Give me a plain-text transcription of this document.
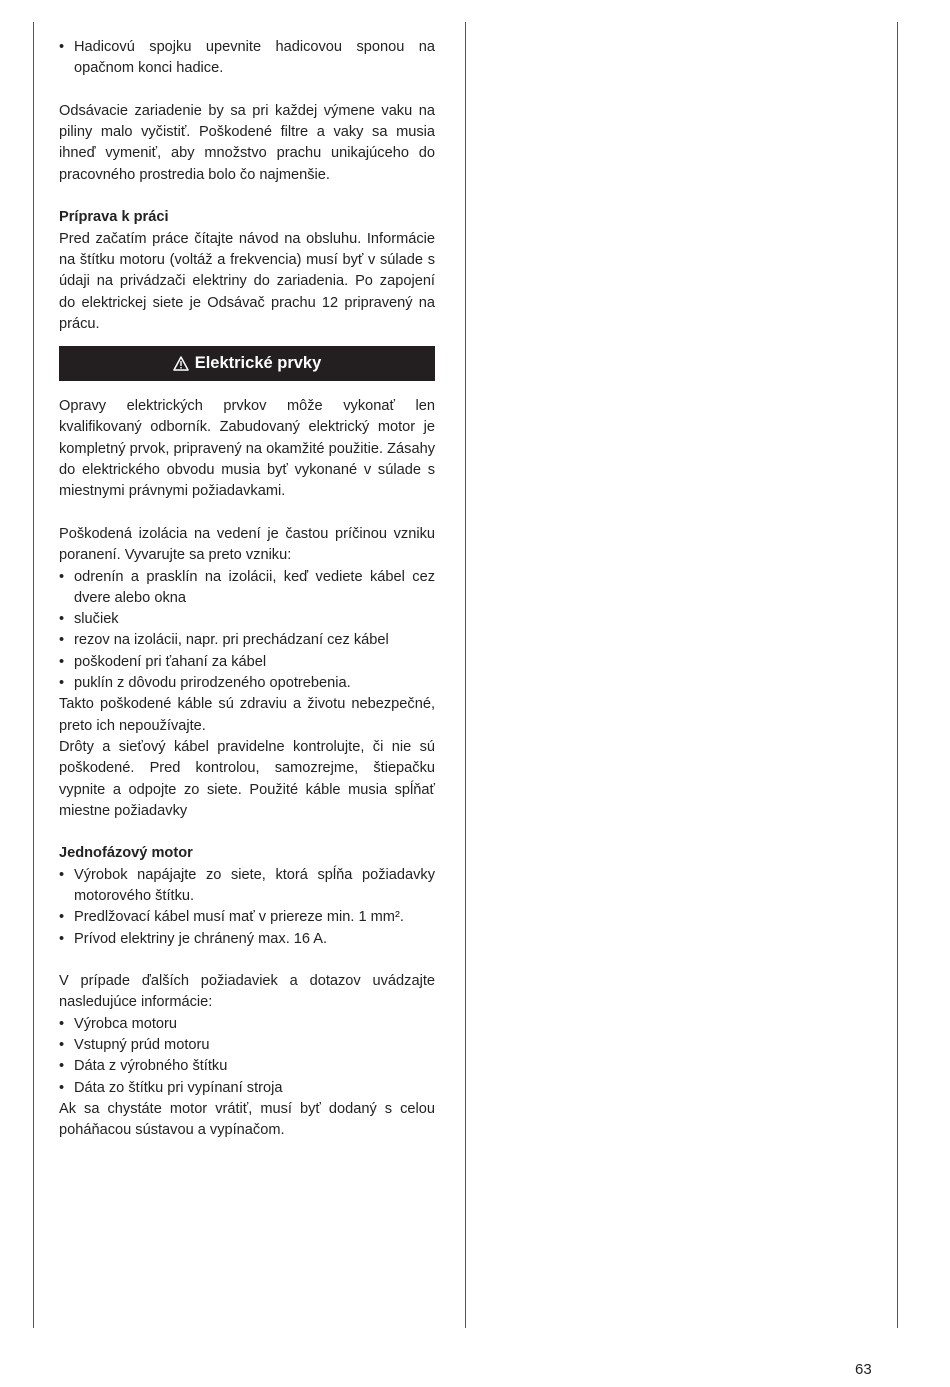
• Hadicovú spojku upevnite hadicovou sponou na opačnom konci hadice.

Odsávacie zariadenie by sa pri každej výmene vaku na piliny malo vyčistiť. Poškodené filtre a vaky sa musia ihneď vymeniť, aby množstvo prachu unikajúceho do pracovného prostredia bolo čo najmenšie.

Príprava k práci

Pred začatím práce čítajte návod na obsluhu. Informácie na štítku motoru (voltáž a frekvencia) musí byť v súlade s údaji na privádzači elektriny do zariadenia. Po zapojení do elektrickej siete je Odsávač prachu 12 pripravený na prácu.

Elektrické prvky

Opravy elektrických prvkov môže vykonať len kvalifikovaný odborník. Zabudovaný elektrický motor je kompletný prvok, pripravený na okamžité použitie. Zásahy do elektrického obvodu musia byť vykonané v súlade s miestnymi právnymi požiadavkami.

Poškodená izolácia na vedení je častou príčinou vzniku poranení. Vyvarujte sa preto vzniku:

• odrenín a prasklín na izolácii, keď vediete kábel cez dvere alebo okna
• slučiek
• rezov na izolácii, napr. pri prechádzaní cez kábel
• poškodení pri ťahaní za kábel
• puklín z dôvodu prirodzeného opotrebenia.

Takto poškodené káble sú zdraviu a životu nebezpečné, preto ich nepoužívajte.

Drôty a sieťový kábel pravidelne kontrolujte, či nie sú poškodené. Pred kontrolou, samozrejme, štiepačku vypnite a odpojte zo siete. Použité káble musia spĺňať miestne požiadavky

Jednofázový motor

• Výrobok napájajte zo siete, ktorá spĺňa požiadavky motorového štítku.
• Predlžovací kábel musí mať v priereze min. 1 mm².
• Prívod elektriny je chránený max. 16 A.

V prípade ďalších požiadaviek a dotazov uvádzajte nasledujúce informácie:

• Výrobca motoru
• Vstupný prúd motoru
• Dáta z výrobného štítku
• Dáta zo štítku pri vypínaní stroja

Ak sa chystáte motor vrátiť, musí byť dodaný s celou poháňacou sústavou a vypínačom.

63
